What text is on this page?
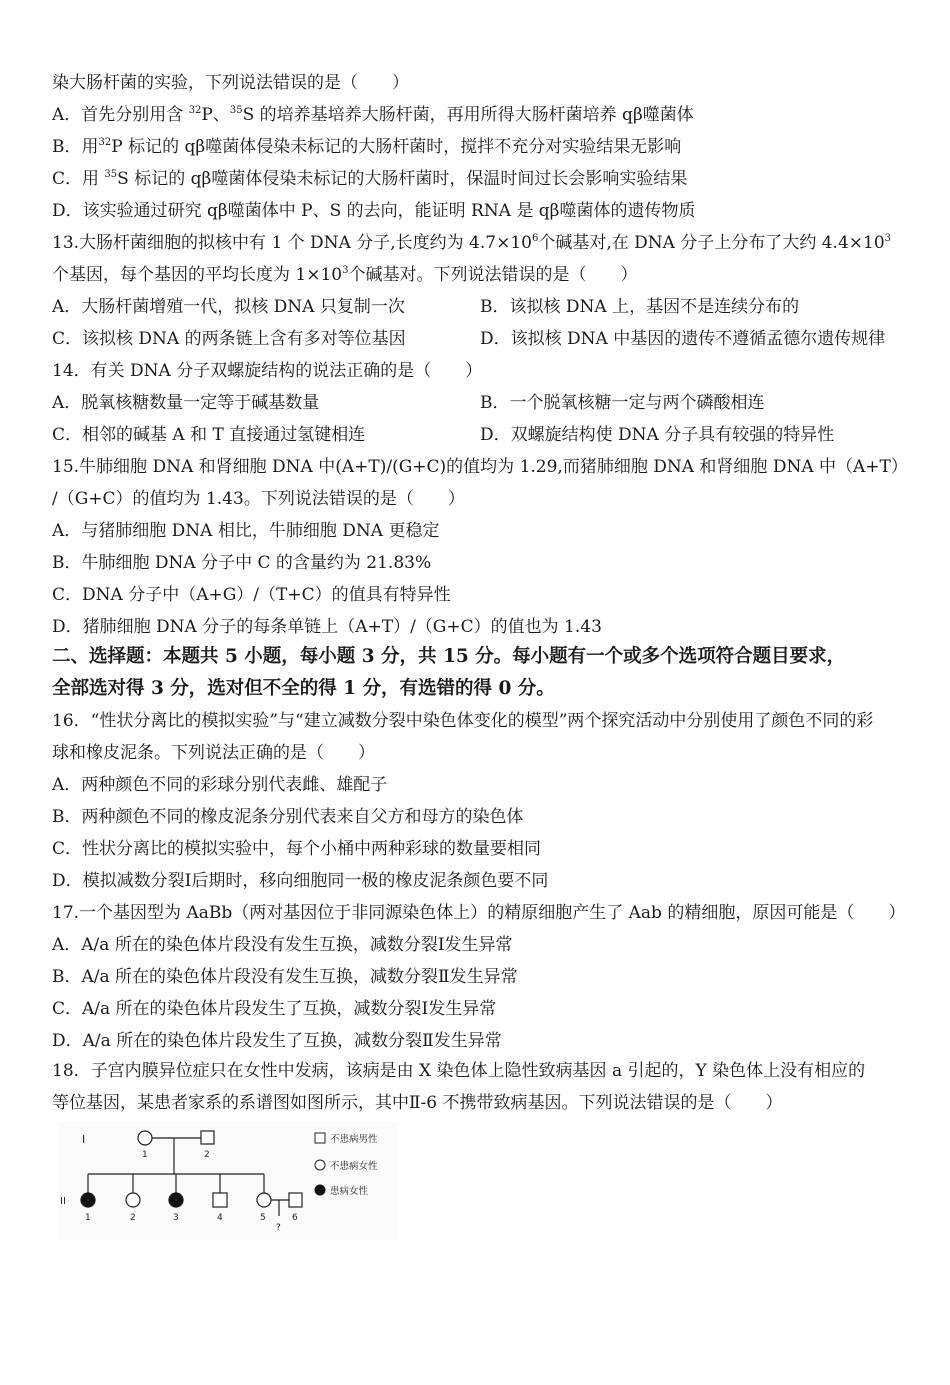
染大肠杆菌的实验，下列说法错误的是（　　）
A．首先分别用含 $^{32}$P、$^{35}$S 的培养基培养大肠杆菌，再用所得大肠杆菌培养 qβ噬菌体
B．用$^{32}$P 标记的 qβ噬菌体侵染未标记的大肠杆菌时，搅拌不充分对实验结果无影响
C．用 $^{35}$S 标记的 qβ噬菌体侵染未标记的大肠杆菌时，保温时间过长会影响实验结果
D．该实验通过研究 qβ噬菌体中 P、S 的去向，能证明 RNA 是 qβ噬菌体的遗传物质
13.大肠杆菌细胞的拟核中有 1 个 DNA 分子,长度约为 $4.7\times 10^6$个碱基对,在 DNA 分子上分布了大约 $4.4\times 10^3$
个基因，每个基因的平均长度为 $1\times 10^3$个碱基对。下列说法错误的是（　　）
A．大肠杆菌增殖一代，拟核 DNA 只复制一次	B．该拟核 DNA 上，基因不是连续分布的
C．该拟核 DNA 的两条链上含有多对等位基因	D．该拟核 DNA 中基因的遗传不遵循孟德尔遗传规律
14．有关 DNA 分子双螺旋结构的说法正确的是（　　）
A．脱氧核糖数量一定等于碱基数量	B．一个脱氧核糖一定与两个磷酸相连
C．相邻的碱基 A 和 T 直接通过氢键相连	D．双螺旋结构使 DNA 分子具有较强的特异性
15.牛肺细胞 DNA 和肾细胞 DNA 中(A+T)/(G+C)的值均为 1.29,而猪肺细胞 DNA 和肾细胞 DNA 中（A+T）
/（G+C）的值均为 1.43。下列说法错误的是（　　）
A．与猪肺细胞 DNA 相比，牛肺细胞 DNA 更稳定
B．牛肺细胞 DNA 分子中 C 的含量约为 21.83%
C．DNA 分子中（A+G）/（T+C）的值具有特异性
D．猪肺细胞 DNA 分子的每条单链上（A+T）/（G+C）的值也为 1.43
二、选择题：本题共 5 小题，每小题 3 分，共 15 分。每小题有一个或多个选项符合题目要求，
全部选对得 3 分，选对但不全的得 1 分，有选错的得 0 分。
16．“性状分离比的模拟实验”与“建立减数分裂中染色体变化的模型”两个探究活动中分别使用了颜色不同的彩
球和橡皮泥条。下列说法正确的是（　　）
A．两种颜色不同的彩球分别代表雌、雄配子
B．两种颜色不同的橡皮泥条分别代表来自父方和母方的染色体
C．性状分离比的模拟实验中，每个小桶中两种彩球的数量要相同
D．模拟减数分裂Ⅰ后期时，移向细胞同一极的橡皮泥条颜色要不同
17.一个基因型为 AaBb（两对基因位于非同源染色体上）的精原细胞产生了 Aab 的精细胞，原因可能是（　　）
A．A/a 所在的染色体片段没有发生互换，减数分裂Ⅰ发生异常
B．A/a 所在的染色体片段没有发生互换，减数分裂Ⅱ发生异常
C．A/a 所在的染色体片段发生了互换，减数分裂Ⅰ发生异常
D．A/a 所在的染色体片段发生了互换，减数分裂Ⅱ发生异常
18．子宫内膜异位症只在女性中发病，该病是由 X 染色体上隐性致病基因 a 引起的，Y 染色体上没有相应的
等位基因，某患者家系的系谱图如图所示，其中Ⅱ-6 不携带致病基因。下列说法错误的是（　　）
I
II
1	2
1	2	3	4	5	6
?
不患病男性
不患病女性
患病女性
